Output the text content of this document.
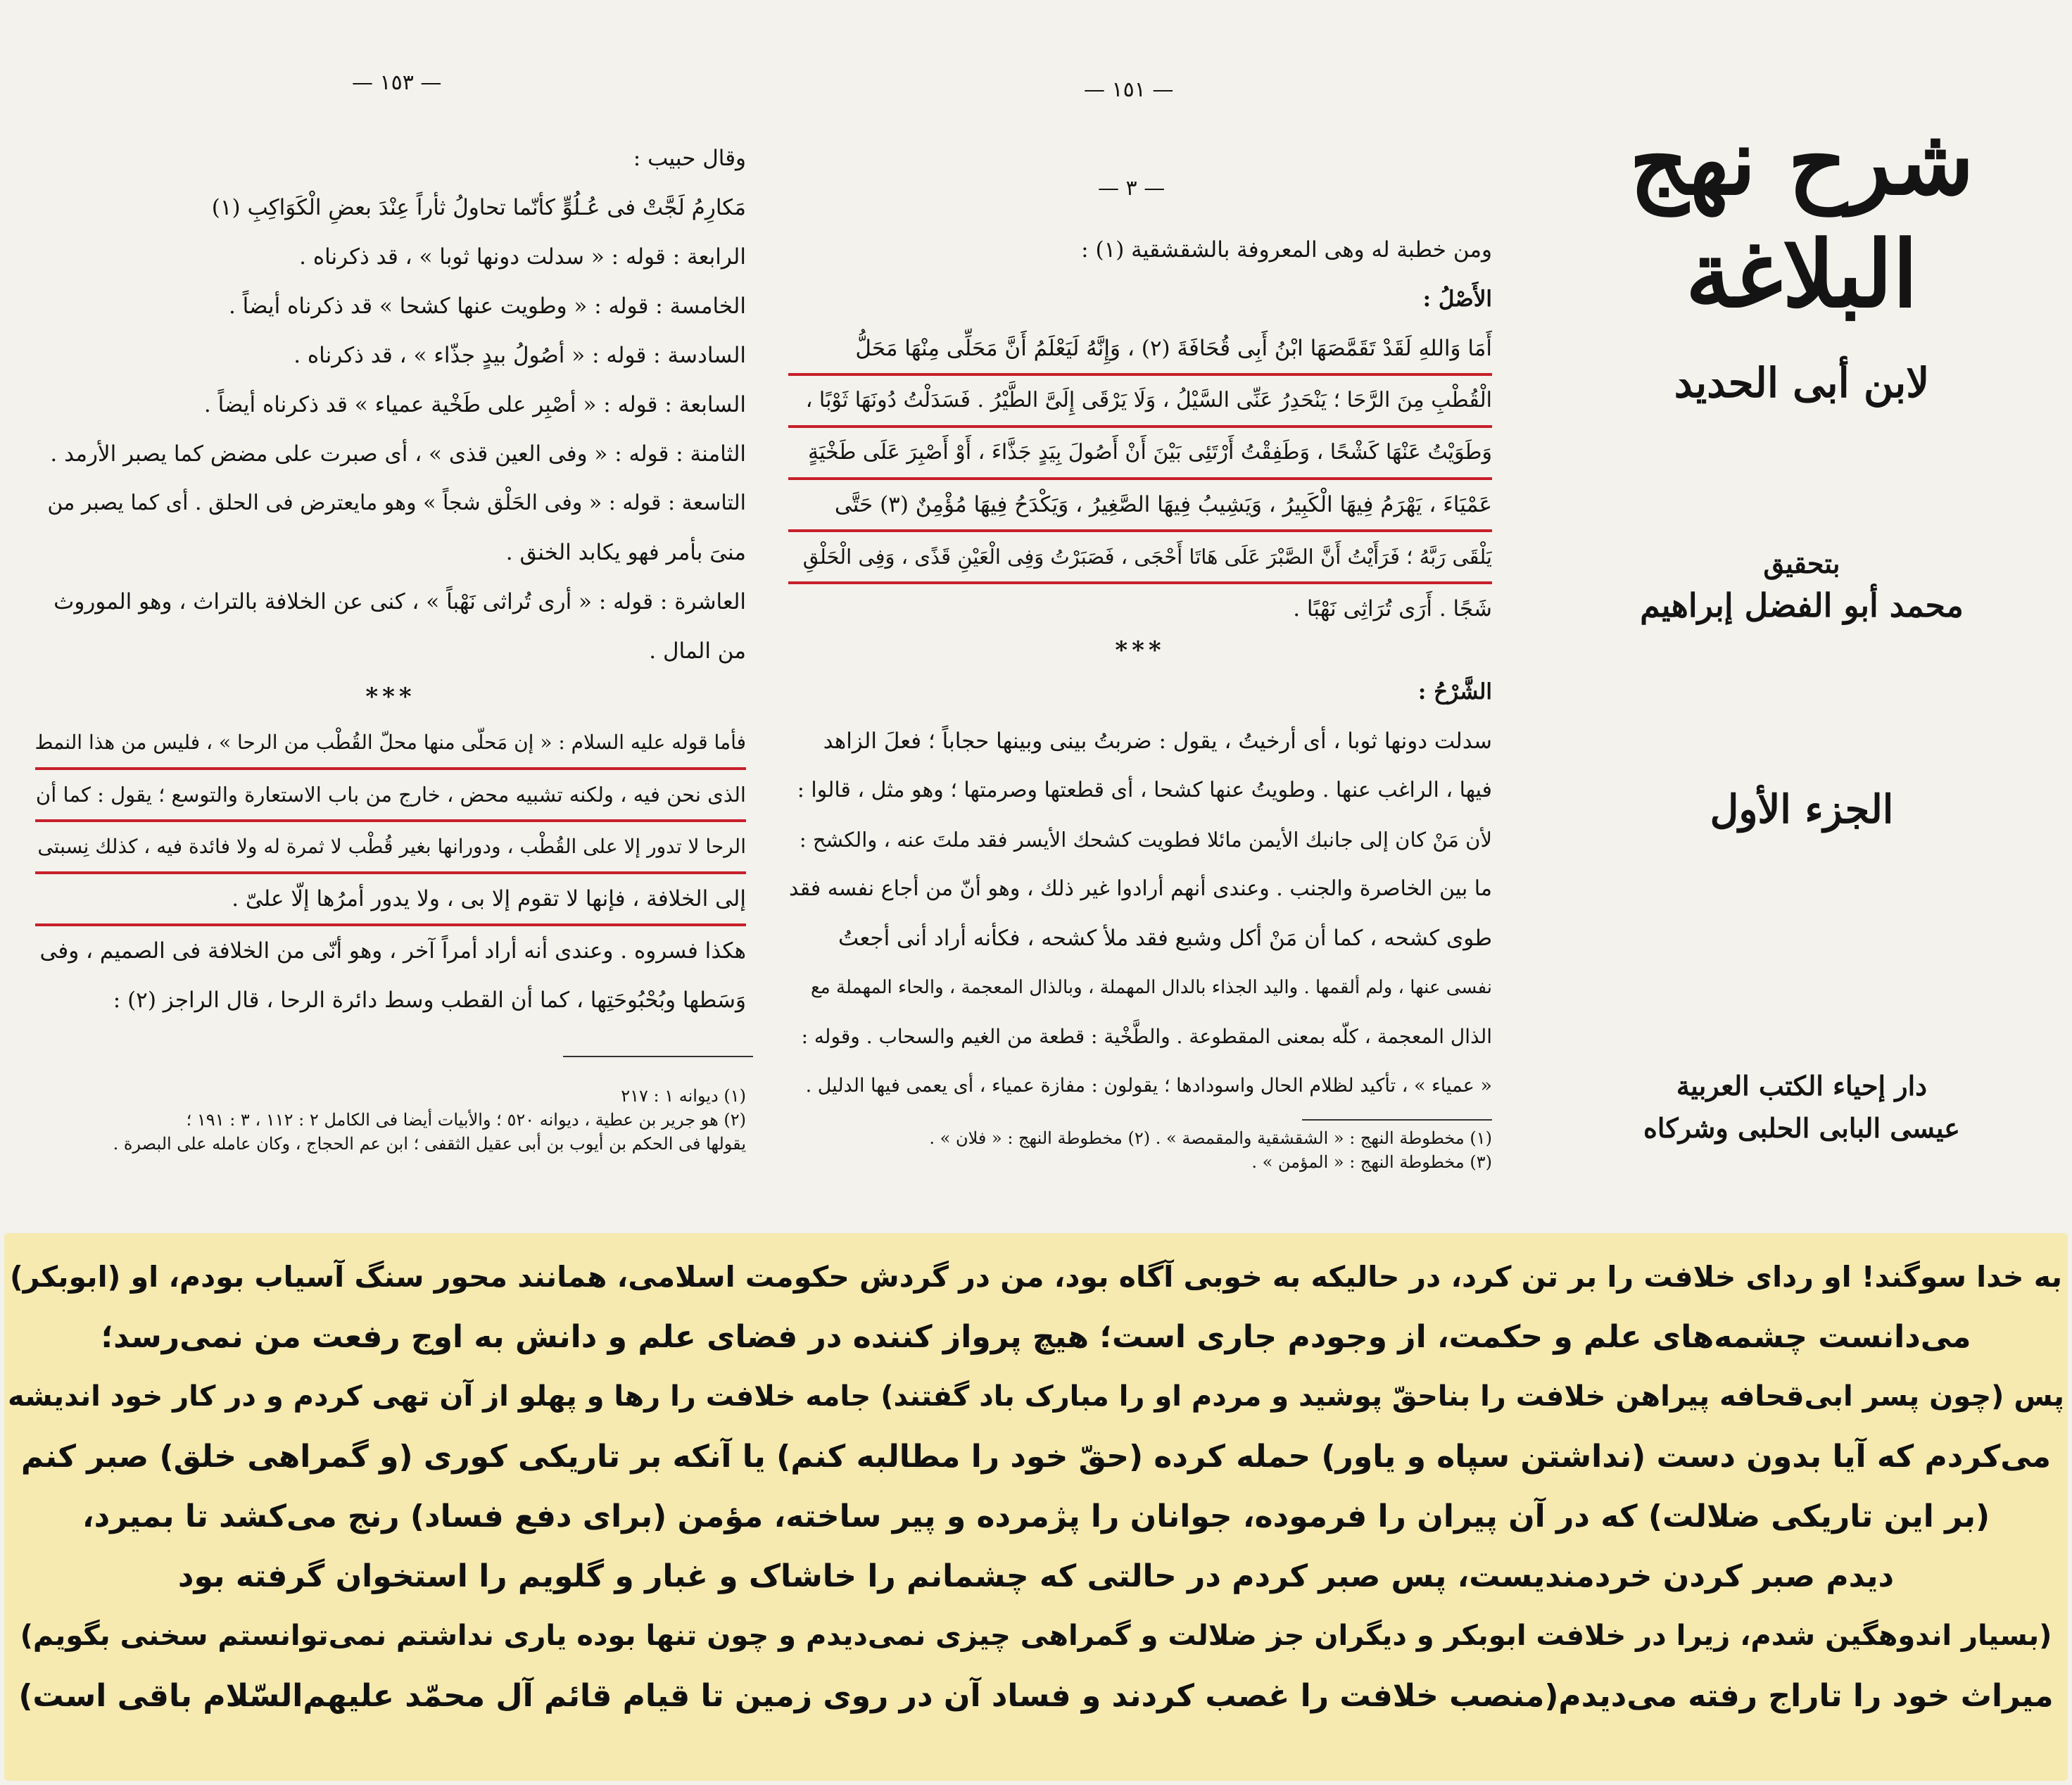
— ١٥٣ —
وقال حبيب :
مَكارِمُ لَجَّتْ فى عُـلُوٍّ كأنّما تحاولُ ثأراً عِنْدَ بعضِ الْكَوَاكِبِ (١)
الرابعة : قوله : « سدلت دونها ثوبا » ، قد ذكرناه .
الخامسة : قوله : « وطويت عنها كشحا » قد ذكرناه أيضاً .
السادسة : قوله : « أصُولُ بيدٍ جذّاء » ، قد ذكرناه .
السابعة : قوله : « أصْبِر على طَخْية عمياء » قد ذكرناه أيضاً .
الثامنة : قوله : « وفى العين قذى » ، أى صبرت على مضض كما يصبر الأرمد .
التاسعة : قوله : « وفى الحَلْق شجاً » وهو مايعترض فى الحلق . أى كما يصبر من
منىَ بأمر فهو يكابد الخنق .
العاشرة : قوله : « أرى تُراثى نَهْباً » ، كنى عن الخلافة بالتراث ، وهو الموروث
من المال .
***
فأما قوله عليه السلام : « إن مَحلّى منها محلّ القُطْب من الرحا » ، فليس من هذا النمط
الذى نحن فيه ، ولكنه تشبيه محض ، خارج من باب الاستعارة والتوسع ؛ يقول : كما أن
الرحا لا تدور إلا على القُطْب ، ودورانها بغير قُطْب لا ثمرة له ولا فائدة فيه ، كذلك نِسبتى
إلى الخلافة ، فإنها لا تقوم إلا بى ، ولا يدور أمرُها إلّا علىّ .
هكذا فسروه . وعندى أنه أراد أمراً آخر ، وهو أنّى من الخلافة فى الصميم ، وفى
وَسَطها وبُحْبُوحَتِها ، كما أن القطب وسط دائرة الرحا ، قال الراجز (٢) :
(١) ديوانه ١ : ٢١٧
(٢) هو جرير بن عطية ، ديوانه ٥٢٠ ؛ والأبيات أيضا فى الكامل ٢ : ١١٢ ، ٣ : ١٩١ ؛
يقولها فى الحكم بن أيوب بن أبى عقيل الثقفى ؛ ابن عم الحجاج ، وكان عامله على البصرة .
— ١٥١ —
— ٣ —
ومن خطبة له وهى المعروفة بالشقشقية (١) :
الأَصْلُ :
أَمَا وَاللهِ لَقَدْ تَقَمَّصَهَا ابْنُ أَبِى قُحَافَةَ (٢) ، وَإِنَّهُ لَيَعْلَمُ أَنَّ مَحَلِّى مِنْهَا مَحَلُّ
الْقُطْبِ مِنَ الرَّحَا ؛ يَنْحَدِرُ عَنِّى السَّيْلُ ، وَلَا يَرْقَى إِلَىَّ الطَّيْرُ . فَسَدَلْتُ دُونَهَا ثَوْبًا ،
وَطَوَيْتُ عَنْهَا كَشْحًا ، وَطَفِقْتُ أَرْتَئِى بَيْنَ أَنْ أَصُولَ بِيَدٍ جَذَّاءَ ، أَوْ أَصْبِرَ عَلَى طَخْيَةٍ
عَمْيَاءَ ، يَهْرَمُ فِيهَا الْكَبِيرُ ، وَيَشِيبُ فِيهَا الصَّغِيرُ ، وَيَكْدَحُ فِيهَا مُؤْمِنٌ (٣) حَتَّى
يَلْقَى رَبَّهُ ؛ فَرَأَيْتُ أَنَّ الصَّبْرَ عَلَى هَاتَا أَحْجَى ، فَصَبَرْتُ وَفِى الْعَيْنِ قَذًى ، وَفِى الْحَلْقِ
شَجًا . أَرَى تُرَاثِى نَهْبًا .
***
الشَّرْحُ :
سدلت دونها ثوبا ، أى أرخيتُ ، يقول : ضربتُ بينى وبينها حجاباً ؛ فعلَ الزاهد
فيها ، الراغب عنها . وطويتُ عنها كشحا ، أى قطعتها وصرمتها ؛ وهو مثل ، قالوا :
لأن مَنْ كان إلى جانبك الأيمن مائلا فطويت كشحك الأيسر فقد ملتَ عنه ، والكشح :
ما بين الخاصرة والجنب . وعندى أنهم أرادوا غير ذلك ، وهو أنّ من أجاع نفسه فقد
طوى كشحه ، كما أن مَنْ أكل وشبع فقد ملأ كشحه ، فكأنه أراد أنى أجعتُ
نفسى عنها ، ولم ألقمها . واليد الجذاء بالدال المهملة ، وبالذال المعجمة ، والحاء المهملة مع
الذال المعجمة ، كلّه بمعنى المقطوعة . والطَّخْية : قطعة من الغيم والسحاب . وقوله :
« عمياء » ، تأكيد لظلام الحال واسودادها ؛ يقولون : مفازة عمياء ، أى يعمى فيها الدليل .
(١) مخطوطة النهج : « الشقشقية والمقمصة » . (٢) مخطوطة النهج : « فلان » .
(٣) مخطوطة النهج : « المؤمن » .
شرح نهج البلاغة
لابن أبى الحديد
بتحقيق
محمد أبو الفضل إبراهيم
الجزء الأول
دار إحياء الكتب العربية
عيسى البابى الحلبى وشركاه
به خدا سوگند! او ردای خلافت را بر تن کرد، در حالیکه به خوبی آگاه بود، من در گردش حکومت اسلامی، همانند محور سنگ آسیاب بودم، او (ابوبکر)
می‌دانست چشمه‌های علم و حکمت، از وجودم جاری است؛ هیچ پرواز کننده در فضای علم و دانش به اوج رفعت من نمی‌رسد؛
پس (چون پسر ابی‌قحافه پیراهن خلافت را بناحقّ پوشید و مردم او را مبارک باد گفتند) جامه خلافت را رها و پهلو از آن تهی کردم و در کار خود اندیشه
می‌کردم که آیا بدون دست (نداشتن سپاه و یاور) حمله کرده (حقّ خود را مطالبه کنم) یا آنکه بر تاریکی کوری (و گمراهی خلق) صبر کنم
(بر این تاریکی ضلالت) که در آن پیران را فرموده، جوانان را پژمرده و پیر ساخته، مؤمن (برای دفع فساد) رنج می‌کشد تا بمیرد،
دیدم صبر کردن خردمندیست، پس صبر کردم در حالتی که چشمانم را خاشاک و غبار و گلویم را استخوان گرفته بود
(بسیار اندوهگین شدم، زیرا در خلافت ابوبکر و دیگران جز ضلالت و گمراهی چیزی نمی‌دیدم و چون تنها بوده یاری نداشتم نمی‌توانستم سخنی بگویم)
میراث خود را تاراج رفته می‌دیدم(منصب خلافت را غصب کردند و فساد آن در روی زمین تا قیام قائم آل محمّد علیهم‌السّلام باقی است)
